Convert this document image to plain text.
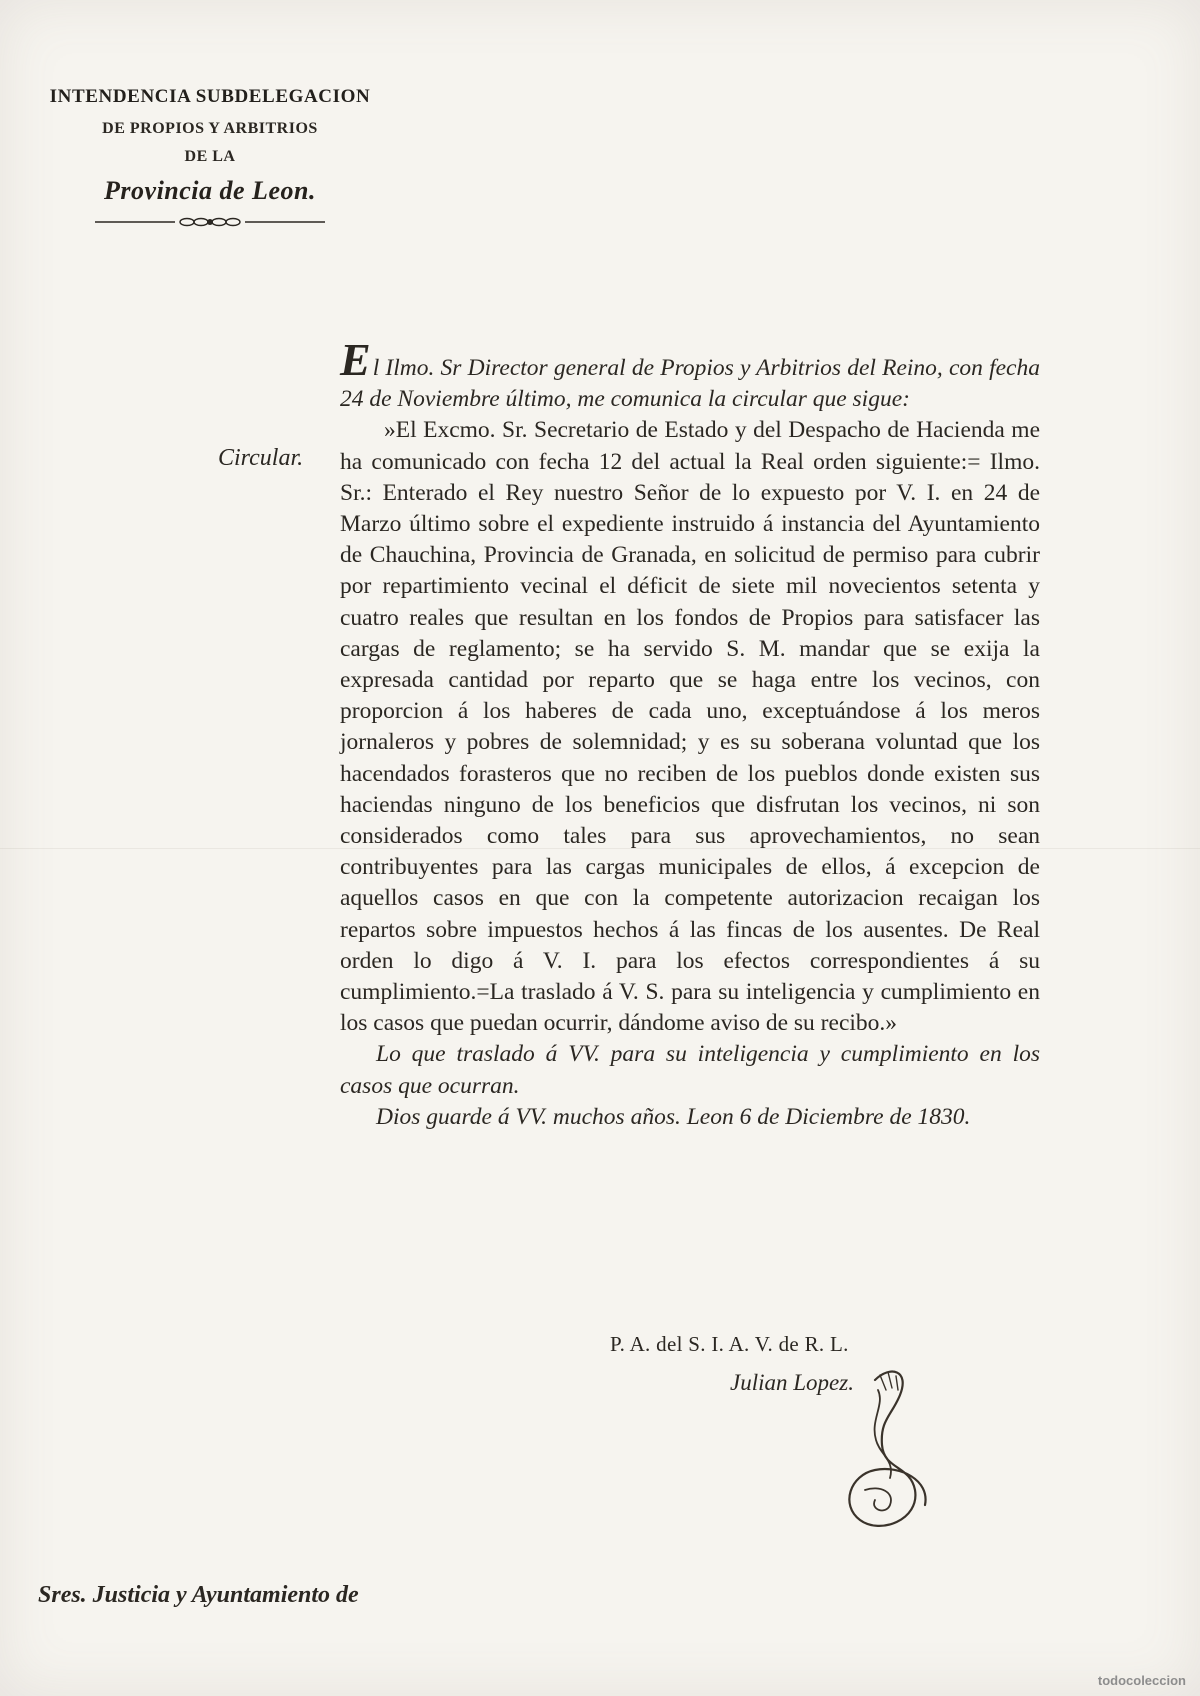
INTENDENCIA SUBDELEGACION
DE PROPIOS Y ARBITRIOS
DE LA
Provincia de Leon.
Circular.

El Ilmo. Sr Director general de Propios y Arbitrios del Reino, con fecha 24 de Noviembre último, me comunica la circular que sigue:

»El Excmo. Sr. Secretario de Estado y del Despacho de Hacienda me ha comunicado con fecha 12 del actual la Real orden siguiente:= Ilmo. Sr.: Enterado el Rey nuestro Señor de lo expuesto por V. I. en 24 de Marzo último sobre el expediente instruido á instancia del Ayuntamiento de Chauchina, Provincia de Granada, en solicitud de permiso para cubrir por repartimiento vecinal el déficit de siete mil novecientos setenta y cuatro reales que resultan en los fondos de Propios para satisfacer las cargas de reglamento; se ha servido S. M. mandar que se exija la expresada cantidad por reparto que se haga entre los vecinos, con proporcion á los haberes de cada uno, exceptuándose á los meros jornaleros y pobres de solemnidad; y es su soberana voluntad que los hacendados forasteros que no reciben de los pueblos donde existen sus haciendas ninguno de los beneficios que disfrutan los vecinos, ni son considerados como tales para sus aprovechamientos, no sean contribuyentes para las cargas municipales de ellos, á excepcion de aquellos casos en que con la competente autorizacion recaigan los repartos sobre impuestos hechos á las fincas de los ausentes. De Real orden lo digo á V. I. para los efectos correspondientes á su cumplimiento.=La traslado á V. S. para su inteligencia y cumplimiento en los casos que puedan ocurrir, dándome aviso de su recibo.»

Lo que traslado á VV. para su inteligencia y cumplimiento en los casos que ocurran.

Dios guarde á VV. muchos años. Leon 6 de Diciembre de 1830.

P. A. del S. I. A. V. de R. L.
Julian Lopez.
Sres. Justicia y Ayuntamiento de
todocoleccion
